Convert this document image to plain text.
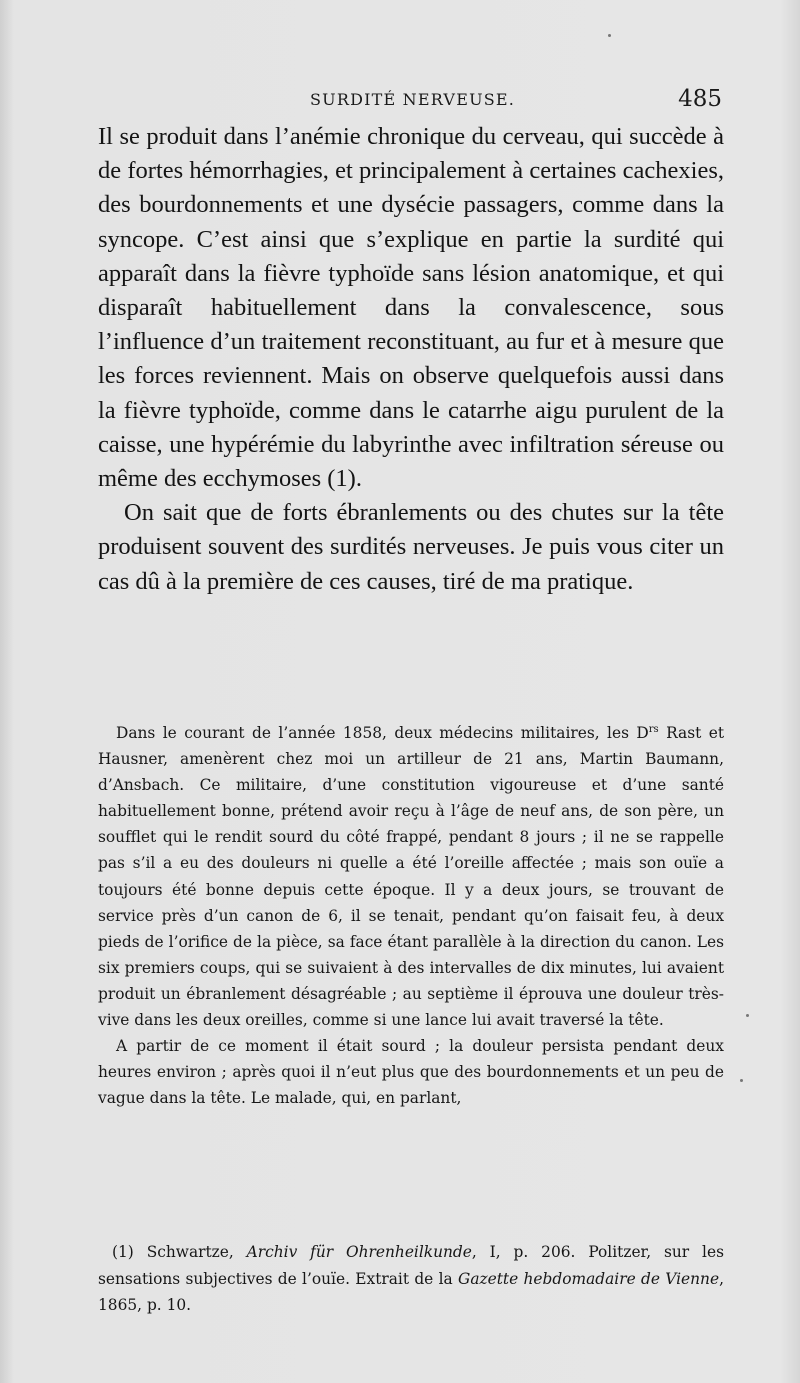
SURDITÉ NERVEUSE.	485

Il se produit dans l’anémie chronique du cerveau, qui succède à de fortes hémorrhagies, et principalement à certaines cachexies, des bourdonnements et une dysécie passagers, comme dans la syncope. C’est ainsi que s’explique en partie la surdité qui apparaît dans la fièvre typhoïde sans lésion anatomique, et qui disparaît habituellement dans la convalescence, sous l’influence d’un traitement reconstituant, au fur et à mesure que les forces reviennent. Mais on observe quelquefois aussi dans la fièvre typhoïde, comme dans le catarrhe aigu purulent de la caisse, une hypérémie du labyrinthe avec infiltration séreuse ou même des ecchymoses (1).

On sait que de forts ébranlements ou des chutes sur la tête produisent souvent des surdités nerveuses. Je puis vous citer un cas dû à la première de ces causes, tiré de ma pratique.

Dans le courant de l’année 1858, deux médecins militaires, les $D^{rs}$ Rast et Hausner, amenèrent chez moi un artilleur de 21 ans, Martin Baumann, d’Ansbach. Ce militaire, d’une constitution vigoureuse et d’une santé habituellement bonne, prétend avoir reçu à l’âge de neuf ans, de son père, un soufflet qui le rendit sourd du côté frappé, pendant 8 jours ; il ne se rappelle pas s’il a eu des douleurs ni quelle a été l’oreille affectée ; mais son ouïe a toujours été bonne depuis cette époque. Il y a deux jours, se trouvant de service près d’un canon de 6, il se tenait, pendant qu’on faisait feu, à deux pieds de l’orifice de la pièce, sa face étant parallèle à la direction du canon. Les six premiers coups, qui se suivaient à des intervalles de dix minutes, lui avaient produit un ébranlement désagréable ; au septième il éprouva une douleur très-vive dans les deux oreilles, comme si une lance lui avait traversé la tête.

A partir de ce moment il était sourd ; la douleur persista pendant deux heures environ ; après quoi il n’eut plus que des bourdonnements et un peu de vague dans la tête. Le malade, qui, en parlant,

(1) Schwartze, Archiv für Ohrenheilkunde, I, p. 206. Politzer, sur les sensations subjectives de l’ouïe. Extrait de la Gazette hebdomadaire de Vienne, 1865, p. 10.
